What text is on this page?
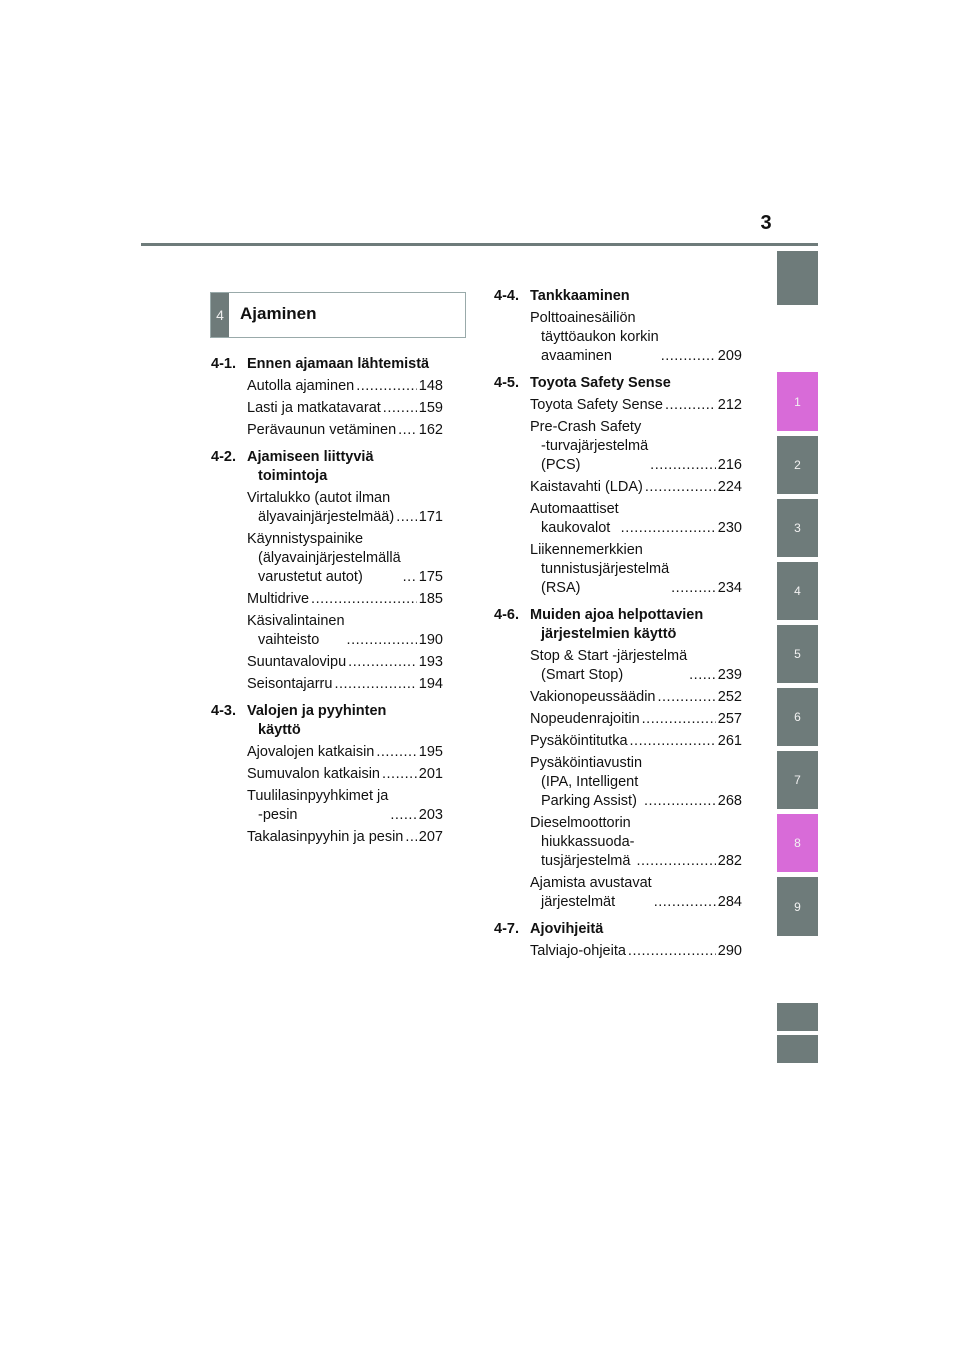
3
1
2
3
4
5
6
7
8
9
4 Ajaminen
4-1. Ennen ajamaan lähtemistä
Autolla ajaminen .....	148
Lasti ja matkatavarat .....	159
Perävaunun vetäminen ..... 162
4-2. Ajamiseen liittyviä
toimintoja
Virtalukko (autot ilman
älyavainjärjestelmää) ..... 171
Käynnistyspainike
(älyavainjärjestelmällä
varustetut autot) .....	175
Multidrive .....	185
Käsivalintainen
vaihteisto .....	190
Suuntavalovipu .....	193
Seisontajarru .....	194
4-3. Valojen ja pyyhinten
käyttö
Ajovalojen katkaisin .....	195
Sumuvalon katkaisin .....	201
Tuulilasinpyyhkimet ja
-pesin .....	203
Takalasinpyyhin ja pesin ..... 207
4-4. Tankkaaminen
Polttoainesäiliön
täyttöaukon korkin
avaaminen .....	209
4-5. Toyota Safety Sense
Toyota Safety Sense .....	212
Pre-Crash Safety
-turvajärjestelmä
(PCS) .....	216
Kaistavahti (LDA) .....	224
Automaattiset
kaukovalot .....	230
Liikennemerkkien
tunnistusjärjestelmä
(RSA) .....	234
4-6. Muiden ajoa helpottavien
järjestelmien käyttö
Stop & Start -järjestelmä
(Smart Stop) .....	239
Vakionopeussäädin .....	252
Nopeudenrajoitin .....	257
Pysäköintitutka .....	261
Pysäköintiavustin
(IPA, Intelligent
Parking Assist) .....	268
Dieselmoottorin
hiukkassuoda-
tusjärjestelmä .....	282
Ajamista avustavat
järjestelmät .....	284
4-7. Ajovihjeitä
Talviajo-ohjeita .....	290
